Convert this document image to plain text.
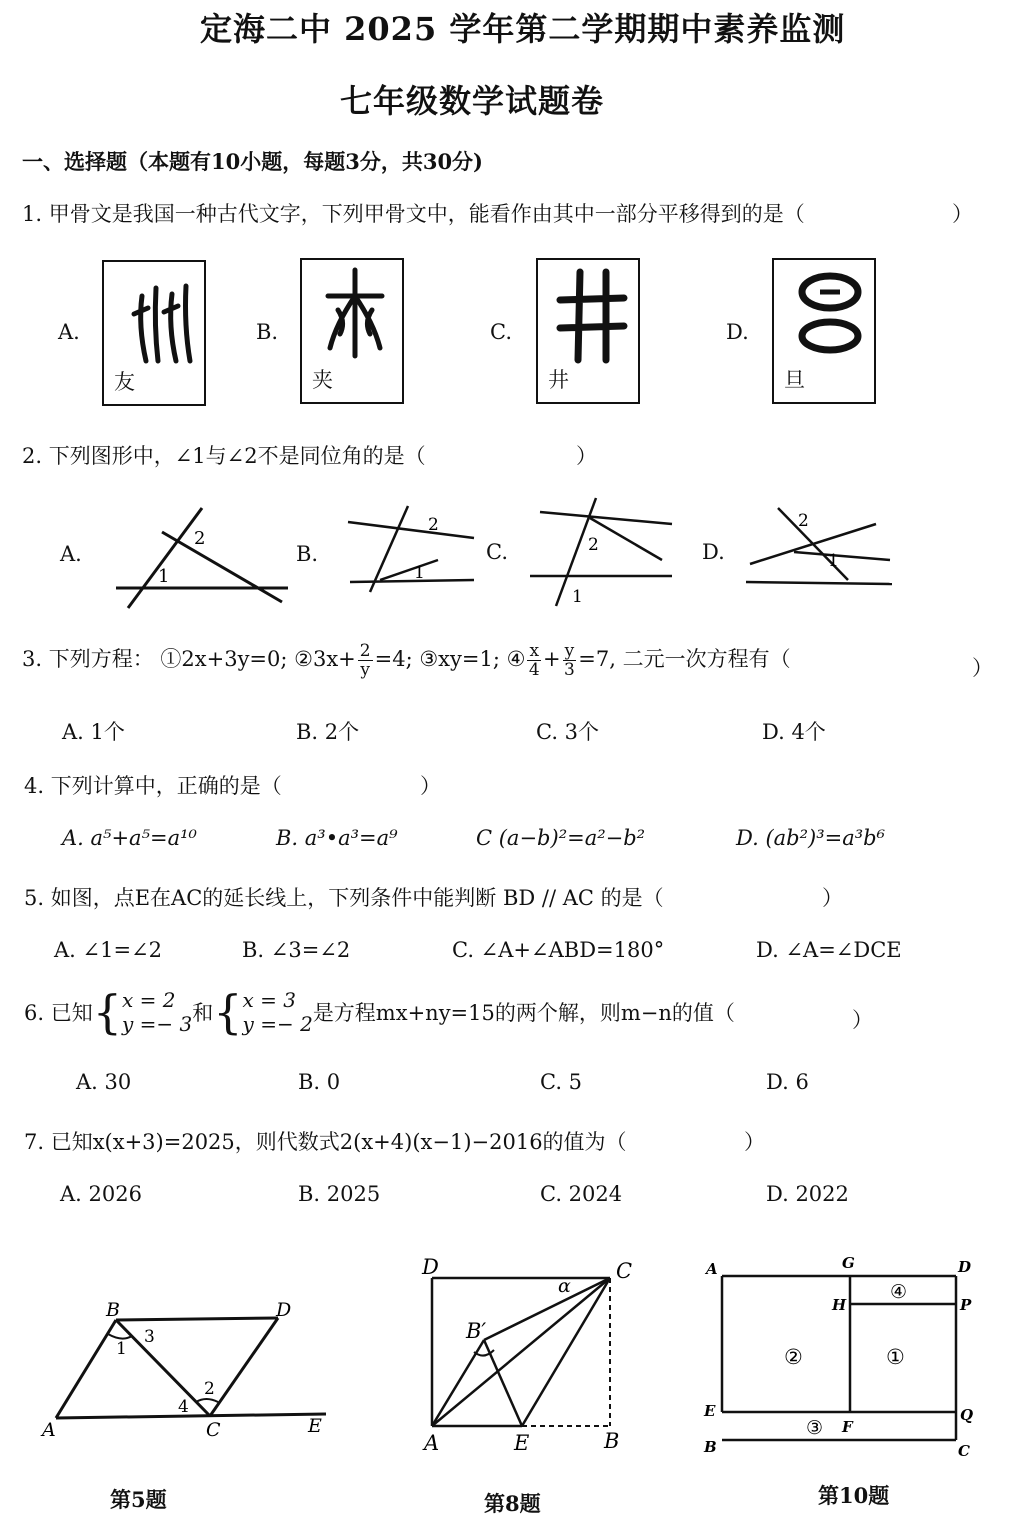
定海二中 2025 学年第二学期期中素养监测
七年级数学试题卷
一、选择题（本题有10小题，每题3分，共30分)
1. 甲骨文是我国一种古代文字，下列甲骨文中，能看作由其中一部分平移得到的是（	）
A.
友
B.
夹
C.
井
D.
旦
2. 下列图形中，∠1与∠2不是同位角的是（	）
A.
1
2
B.
2
1
C.	2
1
D.
2
1
3. 下列方程： ①2x+3y=0; ②3x+ $\frac{2}{y} =4$; ③xy=1; ④ $\frac{x}{4} + \frac{y}{3} =7$, 二元一次方程有（	）
A. 1个	B. 2个	C. 3个	D. 4个
4. 下列计算中，正确的是（	）
A. a⁵+a⁵=a¹⁰	B. a³•a³=a⁹	C (a−b)²=a²−b²	D. (ab²)³=a³b⁶
5. 如图，点E在AC的延长线上，下列条件中能判断 BD // AC 的是（	）
A. ∠1=∠2	B. ∠3=∠2	C. ∠A+∠ABD=180°	D. ∠A=∠DCE
6. 已知{ x = 2
y =− 3 和{ x = 3
y =− 2 是方程mx+ny=15的两个解，则m−n的值（	）
A. 30	B. 0	C. 5	D. 6
7. 已知x(x+3)=2025，则代数式2(x+4)(x−1)−2016的值为（	）
A. 2026	B. 2025	C. 2024	D. 2022
B	D
A	C	E
1
2
3
4
第5题
D	C
α
B′
A	E	B
第8题
A	G	D
H	P
④
②	①
E	Q
③ F
B	C
第10题
